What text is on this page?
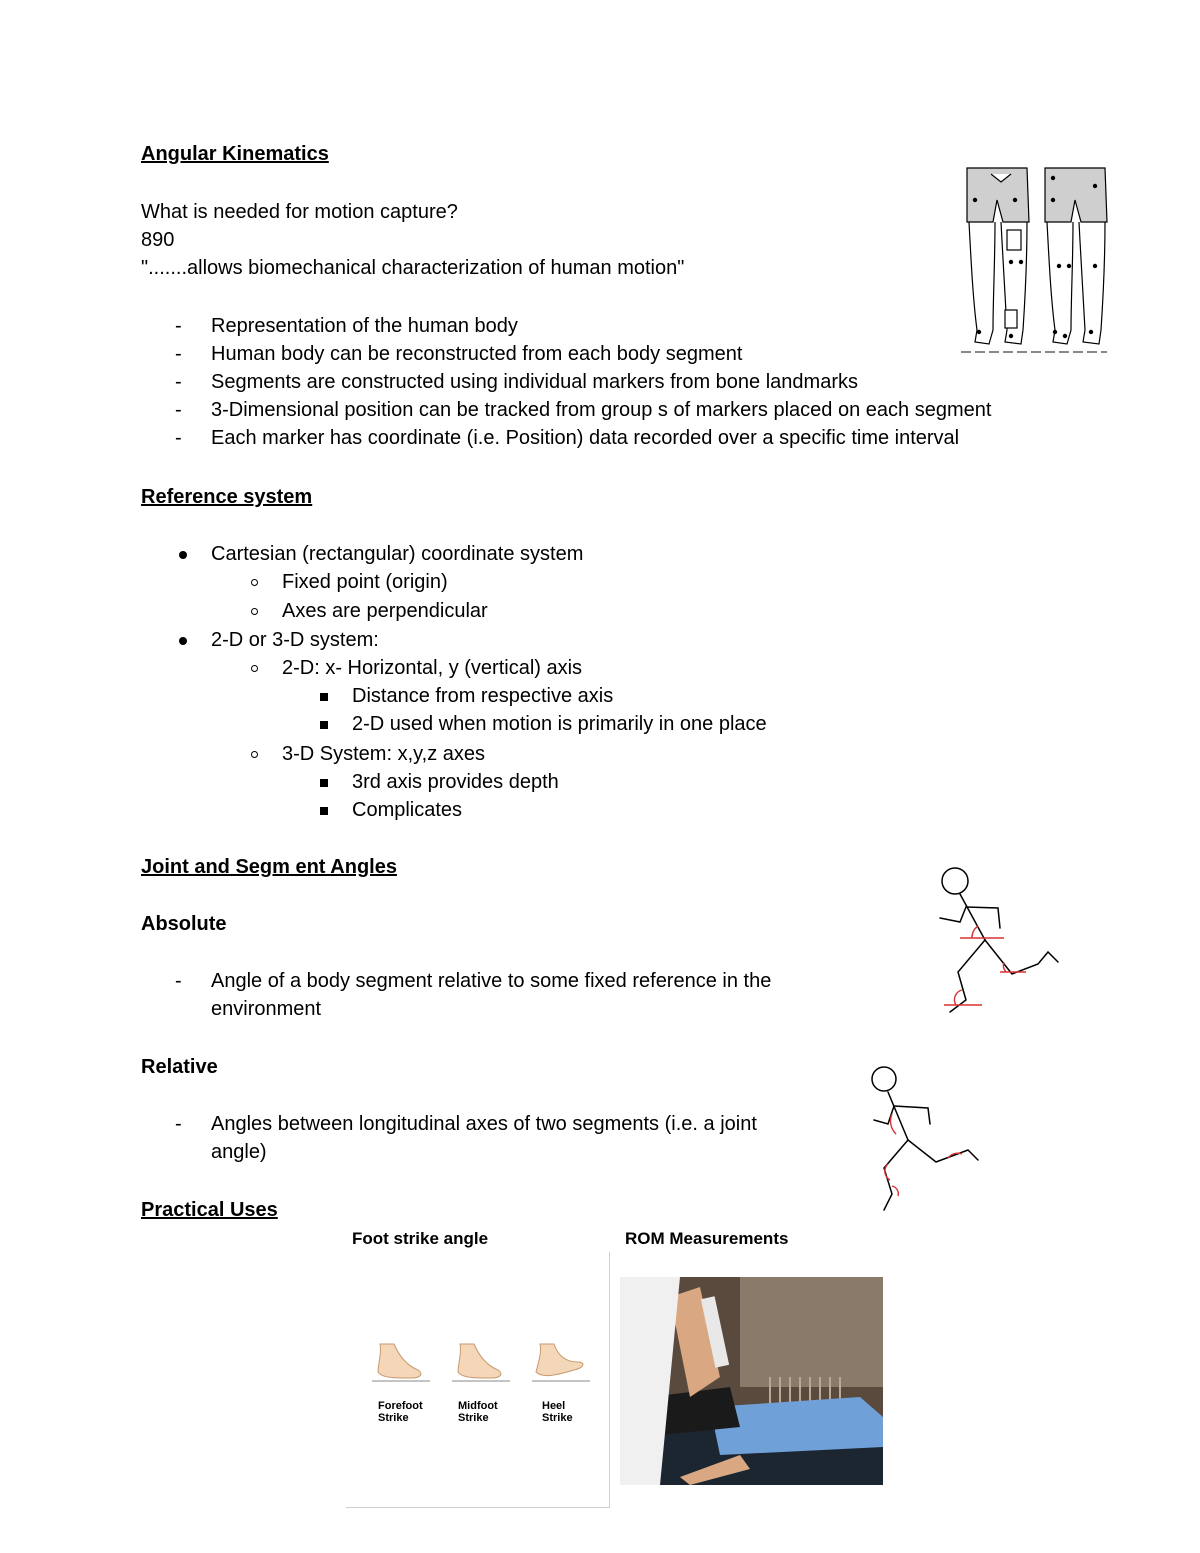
Angular Kinematics
What is needed for motion capture?
890
".......allows biomechanical characterization of human motion"
- Representation of the human body
- Human body can be reconstructed from each body segment
- Segments are constructed using individual markers from bone landmarks
- 3-Dimensional position can be tracked from group s of markers placed on each segment
- Each marker has coordinate (i.e. Position) data recorded over a specific time interval
Reference system
Cartesian (rectangular) coordinate system
Fixed point (origin)
Axes are perpendicular
2-D or 3-D system:
2-D: x- Horizontal, y (vertical) axis
Distance from respective axis
2-D used when motion is primarily in one place
3-D System: x,y,z axes
3rd axis provides depth
Complicates
Joint and Segm ent Angles
Absolute
- Angle of a body segment relative to some fixed reference in the
environment
Relative
- Angles between longitudinal axes of two segments (i.e. a joint
angle)
Practical Uses
Foot strike angle
Forefoot Strike
Midfoot Strike
Heel Strike
ROM Measurements
